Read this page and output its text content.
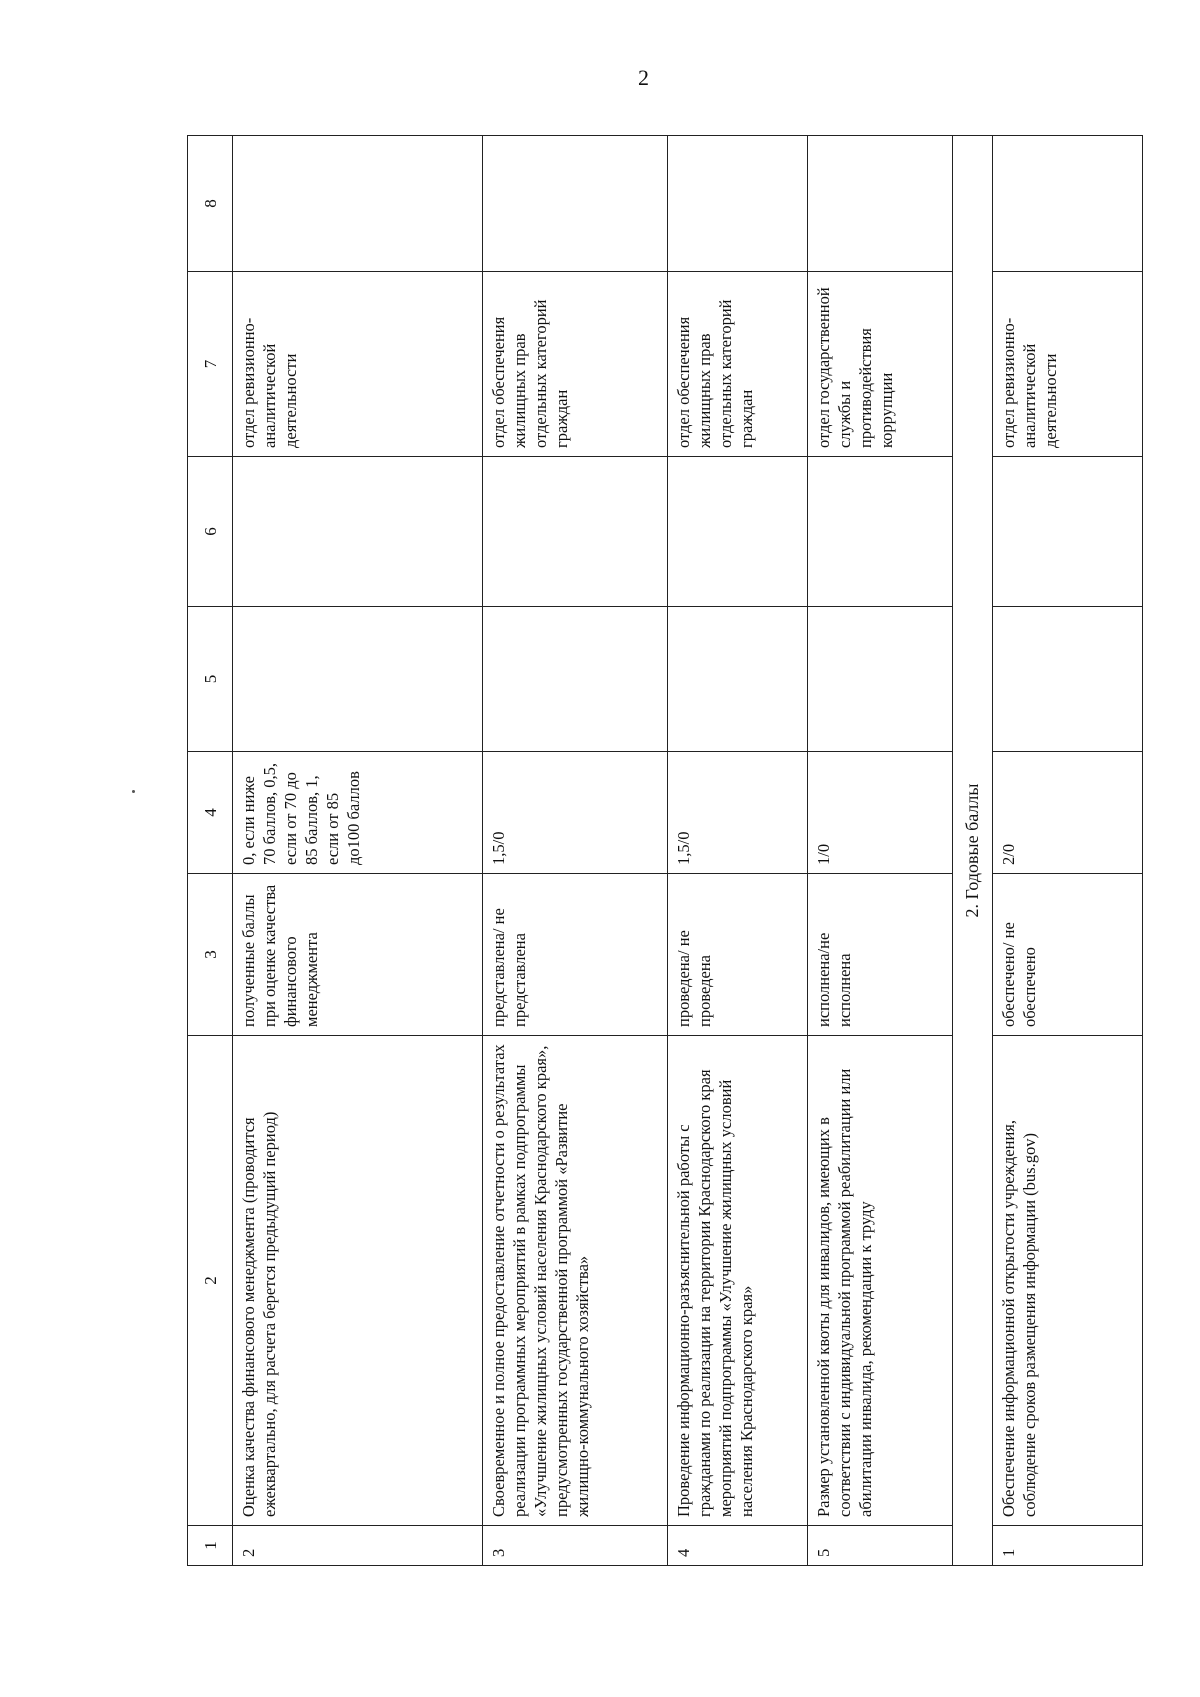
2
1	2	3	4	5	6	7	8
2	Оценка качества финансового менеджмента (проводится ежеквартально, для расчета берется предыдущий период)	полученные баллы при оценке качества финансового менеджмента	0, если ниже 70 баллов, 0,5, если от 70 до 85 баллов, 1, если от 85 до100 баллов			отдел ревизионно-аналитической деятельности	
3	Своевременное и полное предоставление отчетности о результатах реализации программных мероприятий в рамках подпрограммы «Улучшение жилищных условий населения Краснодарского края», предусмотренных государственной программой «Развитие жилищно-коммунального хозяйства»	представлена/ не представлена	1,5/0			отдел обеспечения жилищных прав отдельных категорий граждан	
4	Проведение информационно-разъяснительной работы с гражданами по реализации на территории Краснодарского края мероприятий подпрограммы «Улучшение жилищных условий населения Краснодарского края»	проведена/ не проведена	1,5/0			отдел обеспечения жилищных прав отдельных категорий граждан	
5	Размер установленной квоты для инвалидов, имеющих в соответствии с индивидуальной программой реабилитации или абилитации инвалида, рекомендации к труду	исполнена/не исполнена	1/0			отдел государственной службы и противодействия коррупции	
2. Годовые баллы							
1	Обеспечение информационной открытости учреждения, соблюдение сроков размещения информации (bus.gov)	обеспечено/ не обеспечено	2/0			отдел ревизионно-аналитической деятельности	
